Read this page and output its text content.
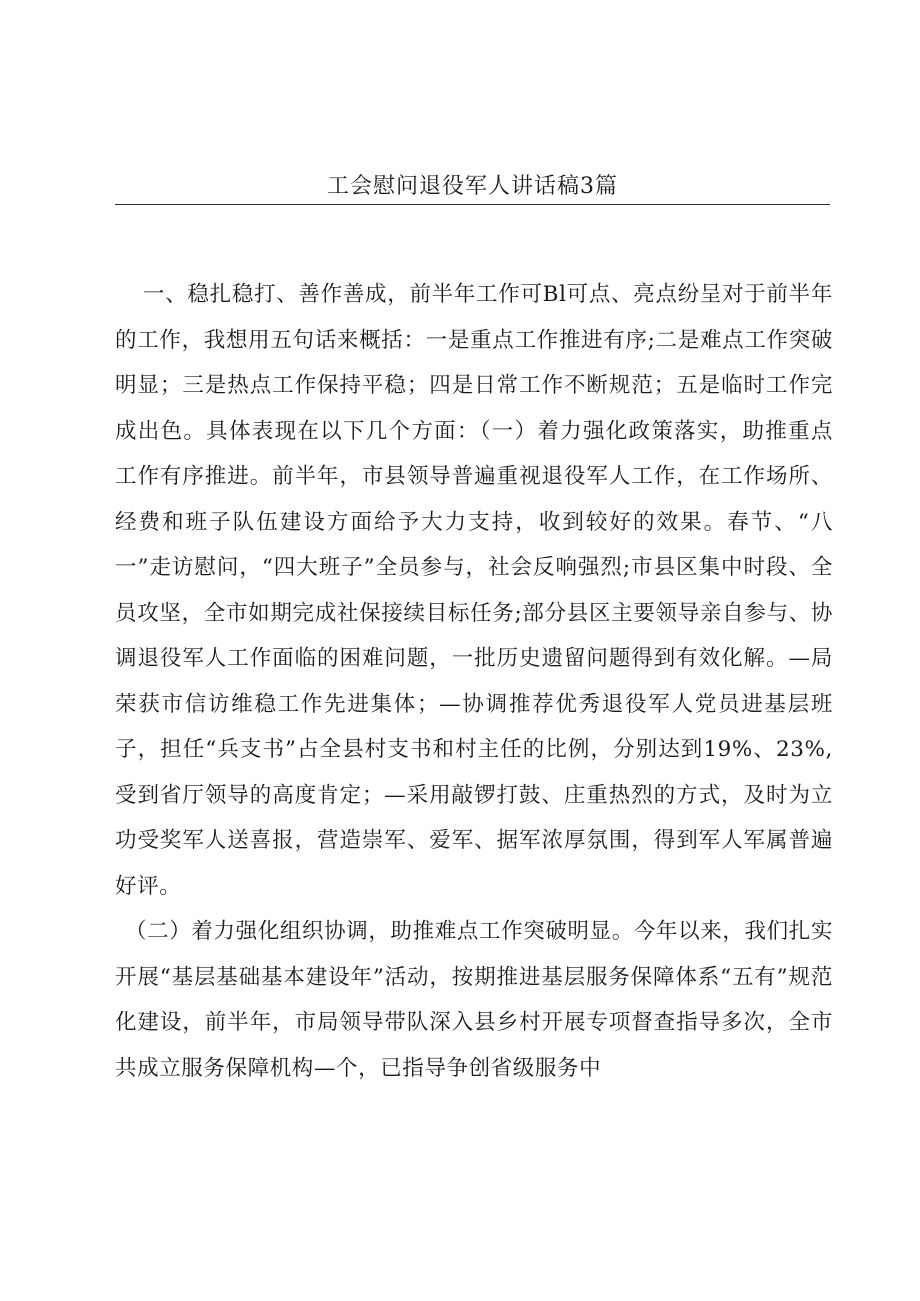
工会慰问退役军人讲话稿3篇

一、稳扎稳打、善作善成，前半年工作可Bl可点、亮点纷呈对于前半年的工作，我想用五句话来概括：一是重点工作推进有序;二是难点工作突破明显；三是热点工作保持平稳；四是日常工作不断规范；五是临时工作完成出色。具体表现在以下几个方面：（一）着力强化政策落实，助推重点工作有序推进。前半年，市县领导普遍重视退役军人工作，在工作场所、经费和班子队伍建设方面给予大力支持，收到较好的效果。春节、“八一”走访慰问，“四大班子”全员参与，社会反响强烈;市县区集中时段、全员攻坚，全市如期完成社保接续目标任务;部分县区主要领导亲自参与、协调退役军人工作面临的困难问题，一批历史遗留问题得到有效化解。—局荣获市信访维稳工作先进集体；—协调推荐优秀退役军人党员进基层班子，担任“兵支书”占全县村支书和村主任的比例，分别达到19%、23%,受到省厅领导的高度肯定；—采用敲锣打鼓、庄重热烈的方式，及时为立功受奖军人送喜报，营造崇军、爱军、据军浓厚氛围，得到军人军属普遍好评。

（二）着力强化组织协调，助推难点工作突破明显。今年以来，我们扎实开展“基层基础基本建设年”活动，按期推进基层服务保障体系“五有”规范化建设，前半年，市局领导带队深入县乡村开展专项督查指导多次，全市共成立服务保障机构—个，已指导争创省级服务中
